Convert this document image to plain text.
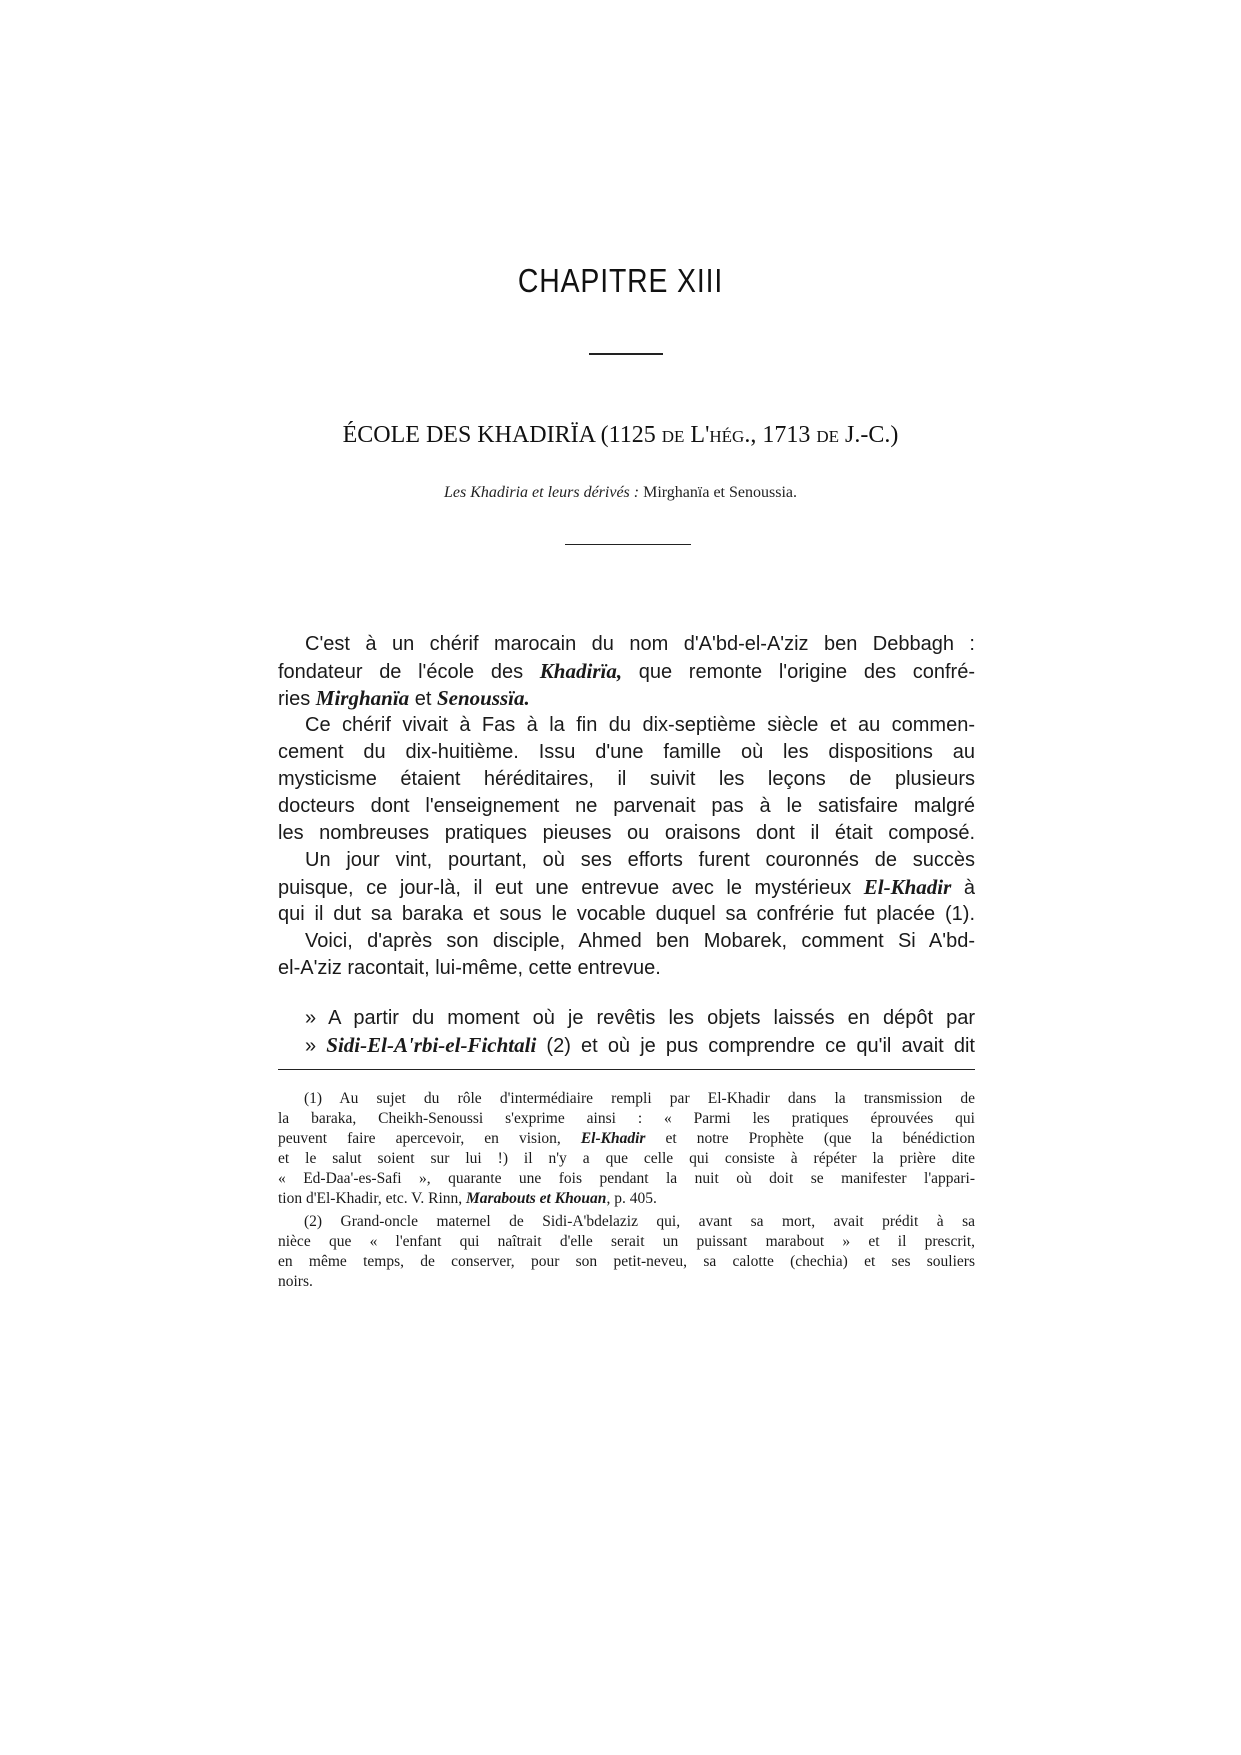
CHAPITRE XIII
ÉCOLE DES KHADIRÏA (1125 DE L'HÉG., 1713 DE J.-C.)
Les Khadiria et leurs dérivés : Mirghanïa et Senoussia.
C'est à un chérif marocain du nom d'A'bd-el-A'ziz ben Debbagh :
fondateur de l'école des Khadirïa, que remonte l'origine des confré-
ries Mirghanïa et Senoussïa.
Ce chérif vivait à Fas à la fin du dix-septième siècle et au commen-
cement du dix-huitième. Issu d'une famille où les dispositions au
mysticisme étaient héréditaires, il suivit les leçons de plusieurs
docteurs dont l'enseignement ne parvenait pas à le satisfaire malgré
les nombreuses pratiques pieuses ou oraisons dont il était composé.
Un jour vint, pourtant, où ses efforts furent couronnés de succès
puisque, ce jour-là, il eut une entrevue avec le mystérieux El-Khadir à
qui il dut sa baraka et sous le vocable duquel sa confrérie fut placée (1).
Voici, d'après son disciple, Ahmed ben Mobarek, comment Si A'bd-
el-A'ziz racontait, lui-même, cette entrevue.
» A partir du moment où je revêtis les objets laissés en dépôt par
» Sidi-El-A'rbi-el-Fichtali (2) et où je pus comprendre ce qu'il avait dit
(1) Au sujet du rôle d'intermédiaire rempli par El-Khadir dans la transmission de
la baraka, Cheikh-Senoussi s'exprime ainsi : « Parmi les pratiques éprouvées qui
peuvent faire apercevoir, en vision, El-Khadir et notre Prophète (que la bénédiction
et le salut soient sur lui !) il n'y a que celle qui consiste à répéter la prière dite
« Ed-Daa'-es-Safi », quarante une fois pendant la nuit où doit se manifester l'appari-
tion d'El-Khadir, etc. V. Rinn, Marabouts et Khouan, p. 405.
(2) Grand-oncle maternel de Sidi-A'bdelaziz qui, avant sa mort, avait prédit à sa
nièce que « l'enfant qui naîtrait d'elle serait un puissant marabout » et il prescrit,
en même temps, de conserver, pour son petit-neveu, sa calotte (chechia) et ses souliers
noirs.
